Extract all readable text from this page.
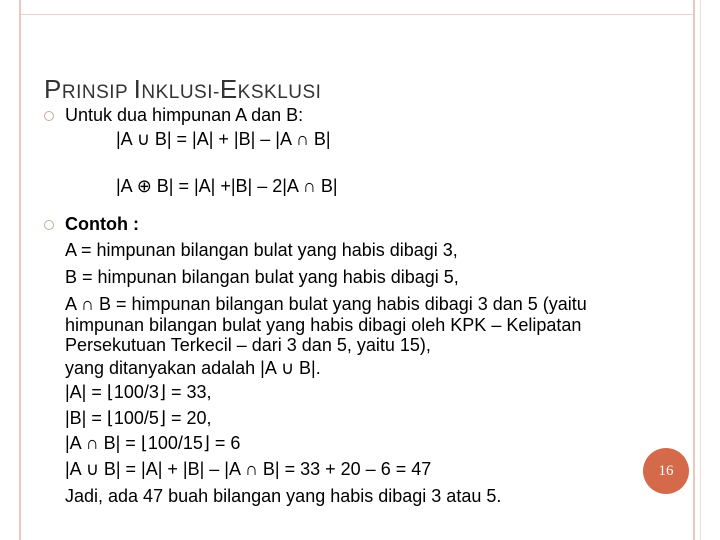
PRINSIP INKLUSI-EKSKLUSI
Untuk dua himpunan A dan B:
|A ∪ B| = |A| + |B| – |A ∩ B|
|A ⊕ B| = |A| +|B| – 2|A ∩ B|
Contoh :
A = himpunan bilangan bulat yang habis dibagi 3,
B = himpunan bilangan bulat yang habis dibagi 5,
A ∩ B = himpunan bilangan bulat yang habis dibagi 3 dan 5 (yaitu
himpunan bilangan bulat yang habis dibagi oleh KPK – Kelipatan
Persekutuan Terkecil – dari 3 dan 5, yaitu 15),
yang ditanyakan adalah |A ∪ B|.
|A| = ⌊100/3⌋ = 33,
|B| = ⌊100/5⌋ = 20,
|A ∩ B| = ⌊100/15⌋ = 6
|A ∪ B| = |A| + |B| – |A ∩ B| = 33 + 20 – 6 = 47
Jadi, ada 47 buah bilangan yang habis dibagi 3 atau 5.
16
